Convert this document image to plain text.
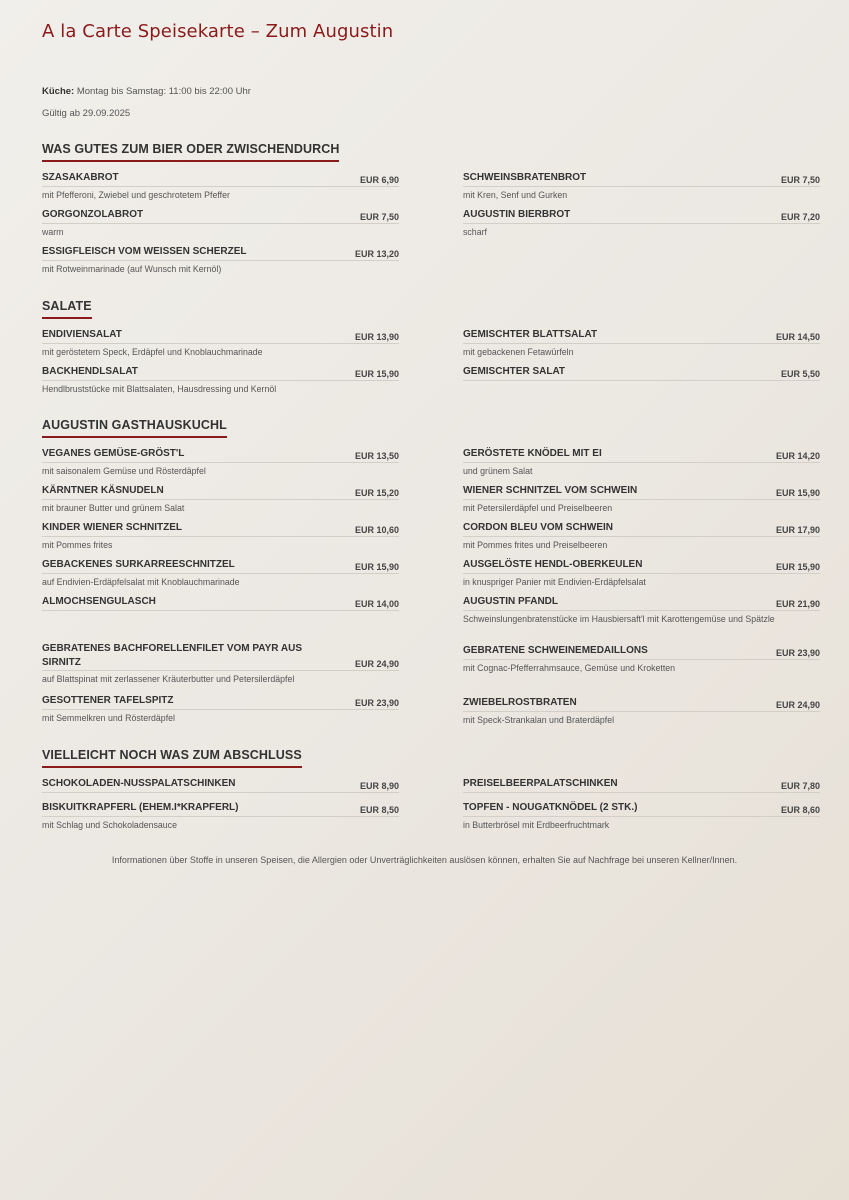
A la Carte Speisekarte – Zum Augustin
Küche: Montag bis Samstag: 11:00 bis 22:00 Uhr
Gültig ab 29.09.2025
WAS GUTES ZUM BIER ODER ZWISCHENDURCH
SZASAKABROT	EUR 6,90
mit Pfefferoni, Zwiebel und geschrotetem Pfeffer
GORGONZOLABROT	EUR 7,50
warm
ESSIGFLEISCH VOM WEISSEN SCHERZEL	EUR 13,20
mit Rotweinmarinade (auf Wunsch mit Kernöl)
SCHWEINSBRATENBROT	EUR 7,50
mit Kren, Senf und Gurken
AUGUSTIN BIERBROT	EUR 7,20
scharf
SALATE
ENDIVIENSALAT	EUR 13,90
mit geröstetem Speck, Erdäpfel und Knoblauchmarinade
BACKHENDLSALAT	EUR 15,90
Hendlbruststücke mit Blattsalaten, Hausdressing und Kernöl
GEMISCHTER BLATTSALAT	EUR 14,50
mit gebackenen Fetawürfeln
GEMISCHTER SALAT	EUR 5,50
AUGUSTIN GASTHAUSKUCHL
VEGANES GEMÜSE-GRÖST'L	EUR 13,50
mit saisonalem Gemüse und Rösterdäpfel
KÄRNTNER KÄSNUDELN	EUR 15,20
mit brauner Butter und grünem Salat
KINDER WIENER SCHNITZEL	EUR 10,60
mit Pommes frites
GEBACKENES SURKARREESCHNITZEL	EUR 15,90
auf Endivien-Erdäpfelsalat mit Knoblauchmarinade
ALMOCHSENGULASCH	EUR 14,00
GEBRATENES BACHFORELLENFILET VOM PAYR AUS SIRNITZ	EUR 24,90
auf Blattspinat mit zerlassener Kräuterbutter und Petersilerdäpfel
GESOTTENER TAFELSPITZ	EUR 23,90
mit Semmelkren und Rösterdäpfel
GERÖSTETE KNÖDEL MIT EI	EUR 14,20
und grünem Salat
WIENER SCHNITZEL VOM SCHWEIN	EUR 15,90
mit Petersilerdäpfel und Preiselbeeren
CORDON BLEU VOM SCHWEIN	EUR 17,90
mit Pommes frites und Preiselbeeren
AUSGELÖSTE HENDL-OBERKEULEN	EUR 15,90
in knuspriger Panier mit Endivien-Erdäpfelsalat
AUGUSTIN PFANDL	EUR 21,90
Schweinslungenbratenstücke im Hausbiersaft'l mit Karottengemüse und Spätzle
GEBRATENE SCHWEINEMEDAILLONS	EUR 23,90
mit Cognac-Pfefferrahmsauce, Gemüse und Kroketten
ZWIEBELROSTBRATEN	EUR 24,90
mit Speck-Strankalan und Braterdäpfel
VIELLEICHT NOCH WAS ZUM ABSCHLUSS
SCHOKOLADEN-NUSSPALATSCHINKEN	EUR 8,90
BISKUITKRAPFERL (EHEM.I*KRAPFERL)	EUR 8,50
mit Schlag und Schokoladensauce
PREISELBEERPALATSCHINKEN	EUR 7,80
TOPFEN - NOUGATKNÖDEL (2 STK.)	EUR 8,60
in Butterbrösel mit Erdbeerfruchtmark
Informationen über Stoffe in unseren Speisen, die Allergien oder Unverträglichkeiten auslösen können, erhalten Sie auf Nachfrage bei unseren Kellner/Innen.
